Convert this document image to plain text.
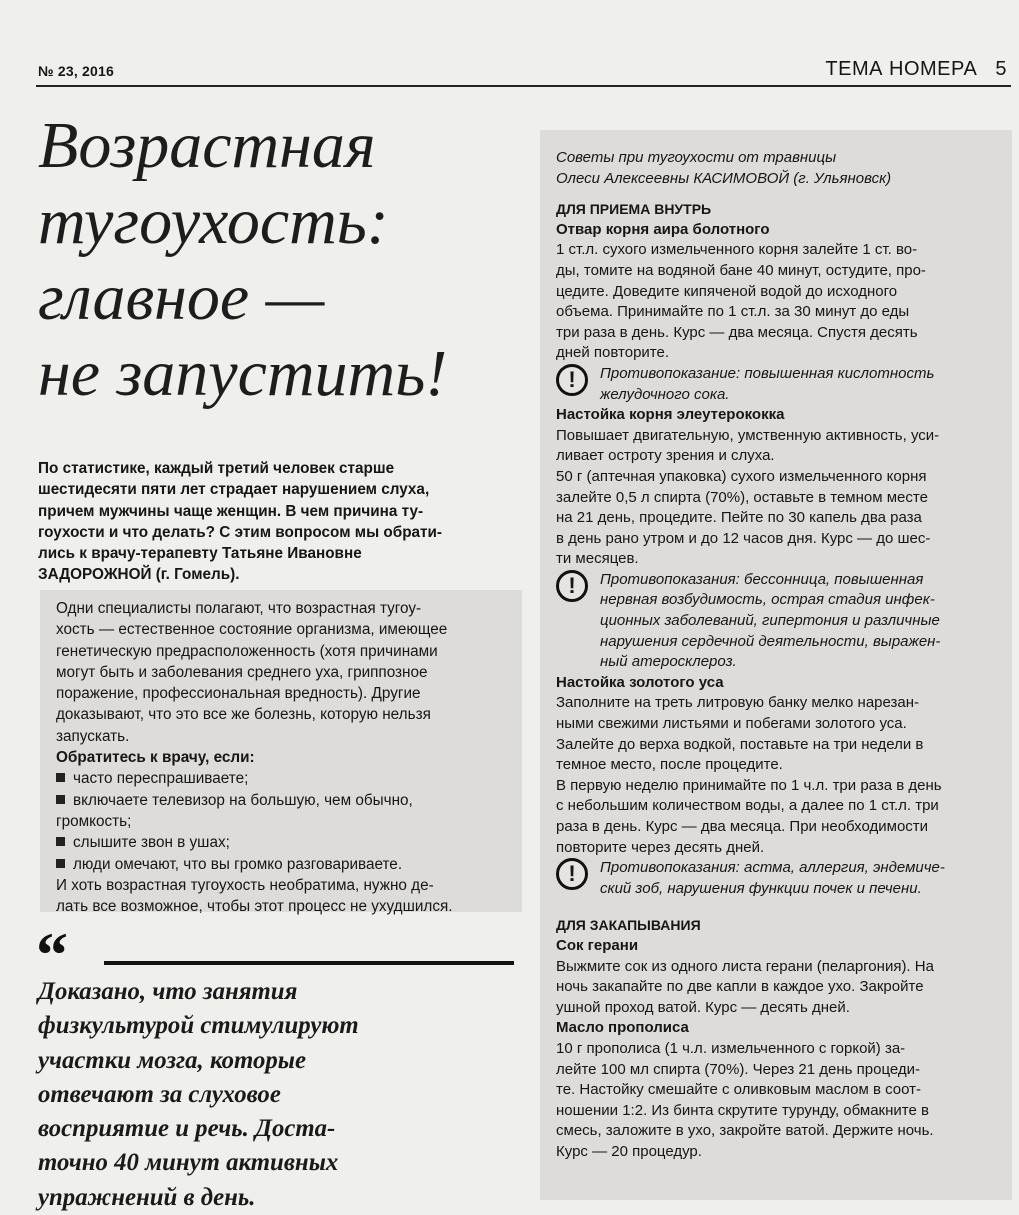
№ 23, 2016	ТЕМА НОМЕРА 5
Возрастная
тугоухость:
главное —
не запустить!
По статистике, каждый третий человек старше
шестидесяти пяти лет страдает нарушением слуха,
причем мужчины чаще женщин. В чем причина ту-
гоухости и что делать? С этим вопросом мы обрати-
лись к врачу-терапевту Татьяне Ивановне
ЗАДОРОЖНОЙ (г. Гомель).
Одни специалисты полагают, что возрастная тугоу-
хость — естественное состояние организма, имеющее
генетическую предрасположенность (хотя причинами
могут быть и заболевания среднего уха, гриппозное
поражение, профессиональная вредность). Другие
доказывают, что это все же болезнь, которую нельзя
запускать.
Обратитесь к врачу, если:
часто переспрашиваете;
включаете телевизор на большую, чем обычно,
громкость;
слышите звон в ушах;
люди омечают, что вы громко разговариваете.
И хоть возрастная тугоухость необратима, нужно де-
лать все возможное, чтобы этот процесс не ухудшился.
“
Доказано, что занятия
физкультурой стимулируют
участки мозга, которые
отвечают за слуховое
восприятие и речь. Доста-
точно 40 минут активных
упражнений в день.
Советы при тугоухости от травницы
Олеси Алексеевны КАСИМОВОЙ (г. Ульяновск)
ДЛЯ ПРИЕМА ВНУТРЬ
Отвар корня аира болотного
1 ст.л. сухого измельченного корня залейте 1 ст. во-
ды, томите на водяной бане 40 минут, остудите, про-
цедите. Доведите кипяченой водой до исходного
объема. Принимайте по 1 ст.л. за 30 минут до еды
три раза в день. Курс — два месяца. Спустя десять
дней повторите.
!	Противопоказание: повышенная кислотность
желудочного сока.
Настойка корня элеутерококка
Повышает двигательную, умственную активность, уси-
ливает остроту зрения и слуха.
50 г (аптечная упаковка) сухого измельченного корня
залейте 0,5 л спирта (70%), оставьте в темном месте
на 21 день, процедите. Пейте по 30 капель два раза
в день рано утром и до 12 часов дня. Курс — до шес-
ти месяцев.
!	Противопоказания: бессонница, повышенная
нервная возбудимость, острая стадия инфек-
ционных заболеваний, гипертония и различные
нарушения сердечной деятельности, выражен-
ный атеросклероз.
Настойка золотого уса
Заполните на треть литровую банку мелко нарезан-
ными свежими листьями и побегами золотого уса.
Залейте до верха водкой, поставьте на три недели в
темное место, после процедите.
В первую неделю принимайте по 1 ч.л. три раза в день
с небольшим количеством воды, а далее по 1 ст.л. три
раза в день. Курс — два месяца. При необходимости
повторите через десять дней.
!	Противопоказания: астма, аллергия, эндемиче-
ский зоб, нарушения функции почек и печени.
ДЛЯ ЗАКАПЫВАНИЯ
Сок герани
Выжмите сок из одного листа герани (пеларгония). На
ночь закапайте по две капли в каждое ухо. Закройте
ушной проход ватой. Курс — десять дней.
Масло прополиса
10 г прополиса (1 ч.л. измельченного с горкой) за-
лейте 100 мл спирта (70%). Через 21 день процеди-
те. Настойку смешайте с оливковым маслом в соот-
ношении 1:2. Из бинта скрутите турунду, обмакните в
смесь, заложите в ухо, закройте ватой. Держите ночь.
Курс — 20 процедур.
